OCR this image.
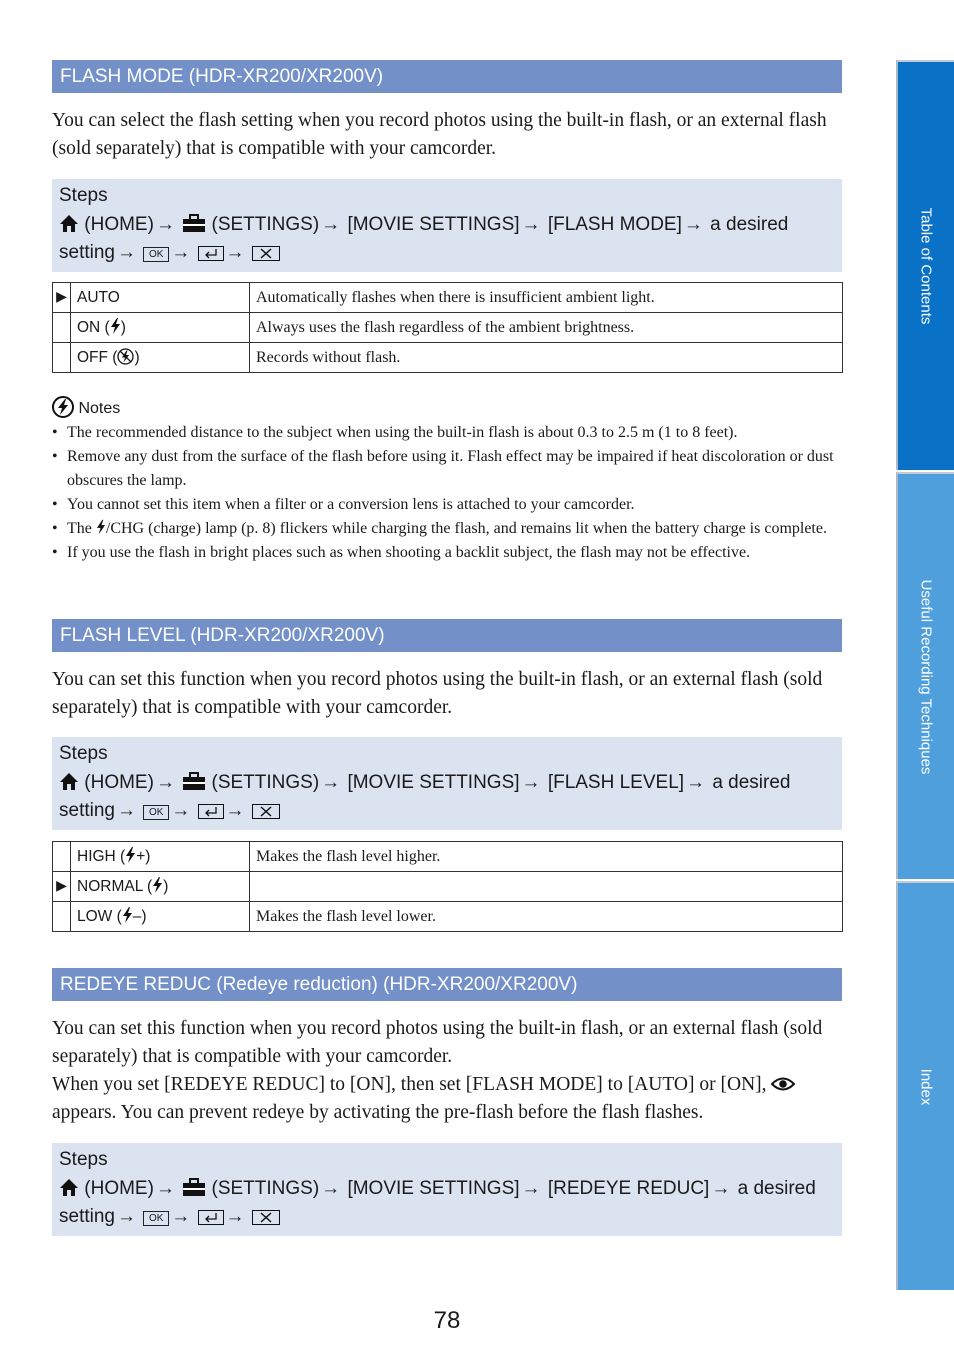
Table of Contents
Useful Recording Techniques
Index
FLASH MODE (HDR-XR200/XR200V)

You can select the flash setting when you record photos using the built-in flash, or an external flash (sold separately) that is compatible with your camcorder.

Steps
(HOME) → (SETTINGS) → [MOVIE SETTINGS] → [FLASH MODE] → a desired
setting → OK → →
▶	AUTO	Automatically flashes when there is insufficient ambient light.
	ON ( )	Always uses the flash regardless of the ambient brightness.
	OFF ( )	Records without flash.
Notes
• The recommended distance to the subject when using the built-in flash is about 0.3 to 2.5 m (1 to 8 feet).
• Remove any dust from the surface of the flash before using it. Flash effect may be impaired if heat discoloration or dust obscures the lamp.
• You cannot set this item when a filter or a conversion lens is attached to your camcorder.
• The /CHG (charge) lamp (p. 8) flickers while charging the flash, and remains lit when the battery charge is complete.
• If you use the flash in bright places such as when shooting a backlit subject, the flash may not be effective.
FLASH LEVEL (HDR-XR200/XR200V)

You can set this function when you record photos using the built-in flash, or an external flash (sold separately) that is compatible with your camcorder.

Steps
(HOME) → (SETTINGS) → [MOVIE SETTINGS] → [FLASH LEVEL] → a desired
setting → OK → →
	HIGH ( +)	Makes the flash level higher.
▶	NORMAL ( )	
	LOW ( –)	Makes the flash level lower.
REDEYE REDUC (Redeye reduction) (HDR-XR200/XR200V)

You can set this function when you record photos using the built-in flash, or an external flash (sold separately) that is compatible with your camcorder.
When you set [REDEYE REDUC] to [ON], then set [FLASH MODE] to [AUTO] or [ON],  appears. You can prevent redeye by activating the pre-flash before the flash flashes.

Steps
(HOME) → (SETTINGS) → [MOVIE SETTINGS] → [REDEYE REDUC] → a desired
setting → OK → →
78
